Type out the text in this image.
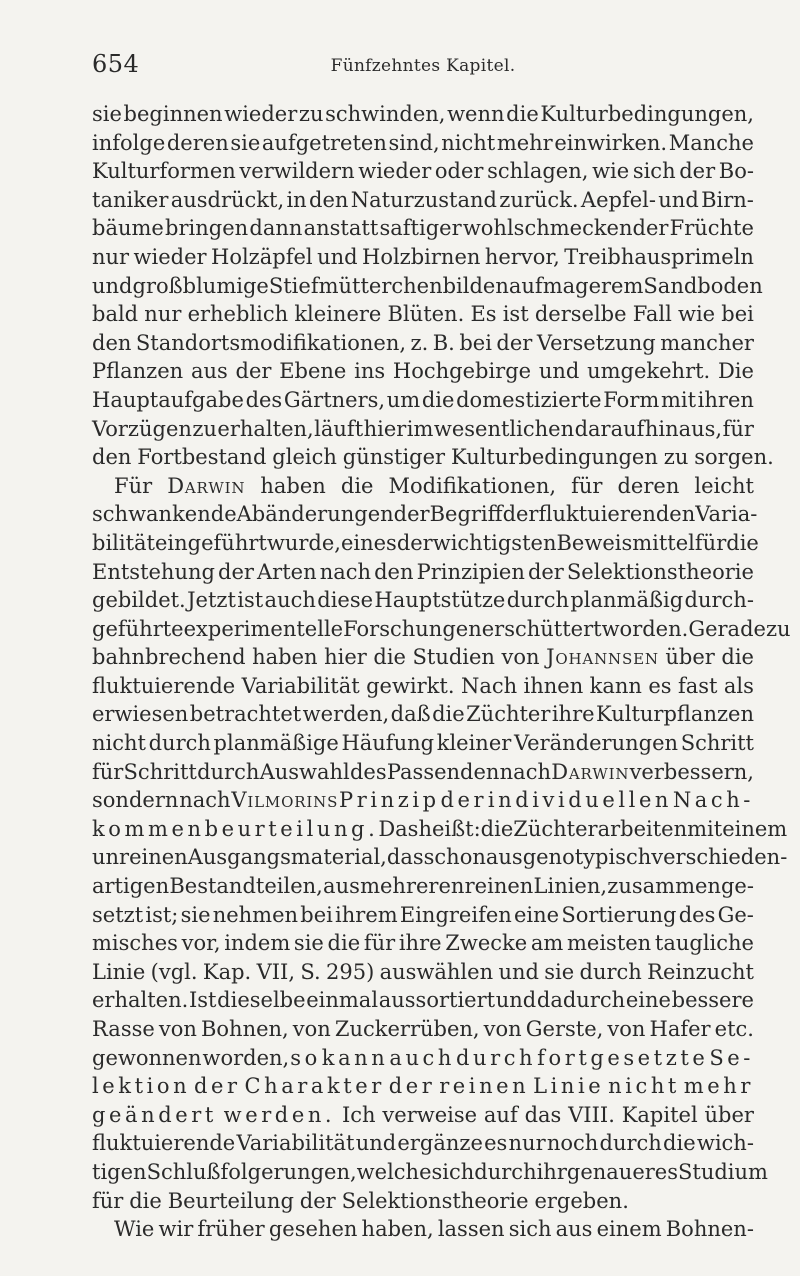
654	Fünfzehntes Kapitel.
sie beginnen wieder zu schwinden, wenn die Kulturbedingungen,
infolge deren sie aufgetreten sind, nicht mehr einwirken. Manche
Kulturformen verwildern wieder oder schlagen, wie sich der Bo-
taniker ausdrückt, in den Naturzustand zurück. Aepfel- und Birn-
bäume bringen dann anstatt saftiger wohlschmeckender Früchte
nur wieder Holzäpfel und Holzbirnen hervor, Treibhausprimeln
und großblumige Stiefmütterchen bilden auf magerem Sandboden
bald nur erheblich kleinere Blüten. Es ist derselbe Fall wie bei
den Standortsmodifikationen, z. B. bei der Versetzung mancher
Pflanzen aus der Ebene ins Hochgebirge und umgekehrt. Die
Hauptaufgabe des Gärtners, um die domestizierte Form mit ihren
Vorzügen zu erhalten, läuft hier im wesentlichen darauf hinaus, für
den Fortbestand gleich günstiger Kulturbedingungen zu sorgen.
Für Darwin haben die Modifikationen, für deren leicht
schwankende Abänderungen der Begriff der fluktuierenden Varia-
bilität eingeführt wurde, eines der wichtigsten Beweismittel für die
Entstehung der Arten nach den Prinzipien der Selektionstheorie
gebildet. Jetzt ist auch diese Hauptstütze durch planmäßig durch-
geführte experimentelle Forschungen erschüttert worden. Geradezu
bahnbrechend haben hier die Studien von Johannsen über die
fluktuierende Variabilität gewirkt. Nach ihnen kann es fast als
erwiesen betrachtet werden, daß die Züchter ihre Kulturpflanzen
nicht durch planmäßige Häufung kleiner Veränderungen Schritt
für Schritt durch Auswahl des Passenden nach Darwin verbessern,
sondern nach Vilmorins Prinzip der individuellen Nach-
kommenbeurteilung. Das heißt: die Züchter arbeiten mit einem
unreinen Ausgangsmaterial, das schon aus genotypisch verschieden-
artigen Bestandteilen, aus mehreren reinen Linien, zusammenge-
setzt ist; sie nehmen bei ihrem Eingreifen eine Sortierung des Ge-
misches vor, indem sie die für ihre Zwecke am meisten taugliche
Linie (vgl. Kap. VII, S. 295) auswählen und sie durch Reinzucht
erhalten. Ist dieselbe einmal aussortiert und dadurch eine bessere
Rasse von Bohnen, von Zuckerrüben, von Gerste, von Hafer etc.
gewonnen worden, so kann auch durch fortgesetzte Se-
lektion der Charakter der reinen Linie nicht mehr
geändert werden. Ich verweise auf das VIII. Kapitel über
fluktuierende Variabilität und ergänze es nur noch durch die wich-
tigen Schlußfolgerungen, welche sich durch ihr genaueres Studium
für die Beurteilung der Selektionstheorie ergeben.
Wie wir früher gesehen haben, lassen sich aus einem Bohnen-
